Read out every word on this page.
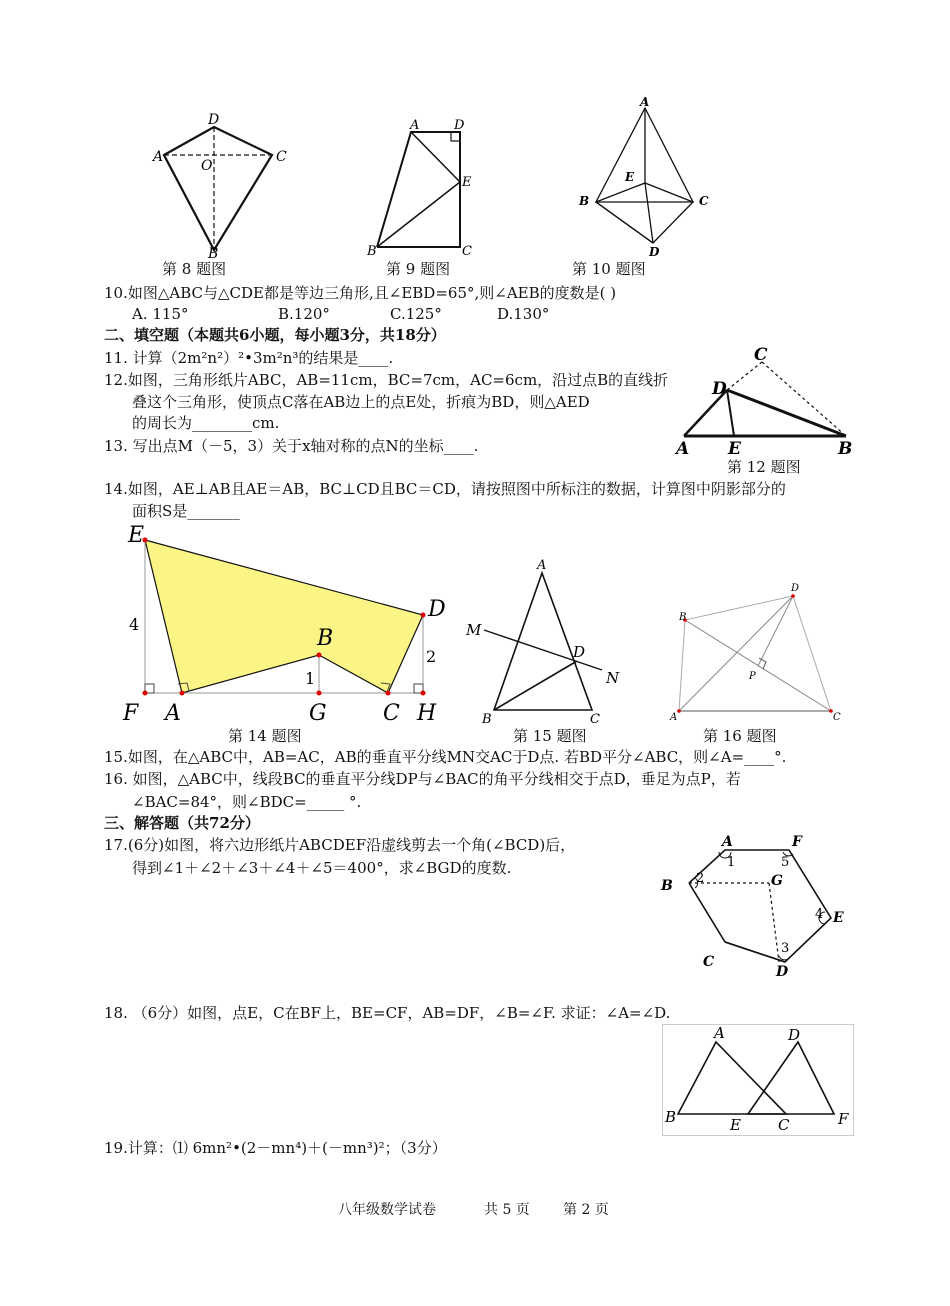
D
A	C
O
B
第 8 题图
A	D
E
B	C
第 9 题图
A
E
B	C
D
第 10 题图
10.如图△ABC与△CDE都是等边三角形,且∠EBD=65°,则∠AEB的度数是( )
A. 115°	B.120°	C.125°	D.130°
二、填空题（本题共6小题，每小题3分，共18分）
11. 计算（2m²n²）²•3m²n³的结果是____.
12.如图，三角形纸片ABC，AB=11cm，BC=7cm，AC=6cm，沿过点B的直线折
叠这个三角形，使顶点C落在AB边上的点E处，折痕为BD，则△AED
的周长为________cm.
13. 写出点M（－5，3）关于x轴对称的点N的坐标____.
C
D
A E	B
第 12 题图
14.如图，AE⊥AB且AE＝AB，BC⊥CD且BC＝CD，请按照图中所标注的数据，计算图中阴影部分的
面积S是_______
E
D
B
4
2
1
F A	G	C H
第 14 题图
A
M
D
N
B	C
第 15 题图
D
B
P
A	C
第 16 题图
15.如图，在△ABC中，AB=AC，AB的垂直平分线MN交AC于D点. 若BD平分∠ABC，则∠A=____°.
16. 如图，△ABC中，线段BC的垂直平分线DP与∠BAC的角平分线相交于点D，垂足为点P，若
∠BAC=84°，则∠BDC=_____ °.
三、解答题（共72分）
17.(6分)如图，将六边形纸片ABCDEF沿虚线剪去一个角(∠BCD)后，
得到∠1＋∠2＋∠3＋∠4＋∠5＝400°，求∠BGD的度数.
A	F
1	5
B 2	G
4 E
3
C
D
18. （6分）如图，点E，C在BF上，BE=CF，AB=DF，∠B=∠F. 求证：∠A=∠D.
A	D
B	E C	F
19.计算：⑴ 6mn²•(2－mn⁴)＋(－mn³)²；（3分）
八年级数学试卷	共 5 页 第 2 页
